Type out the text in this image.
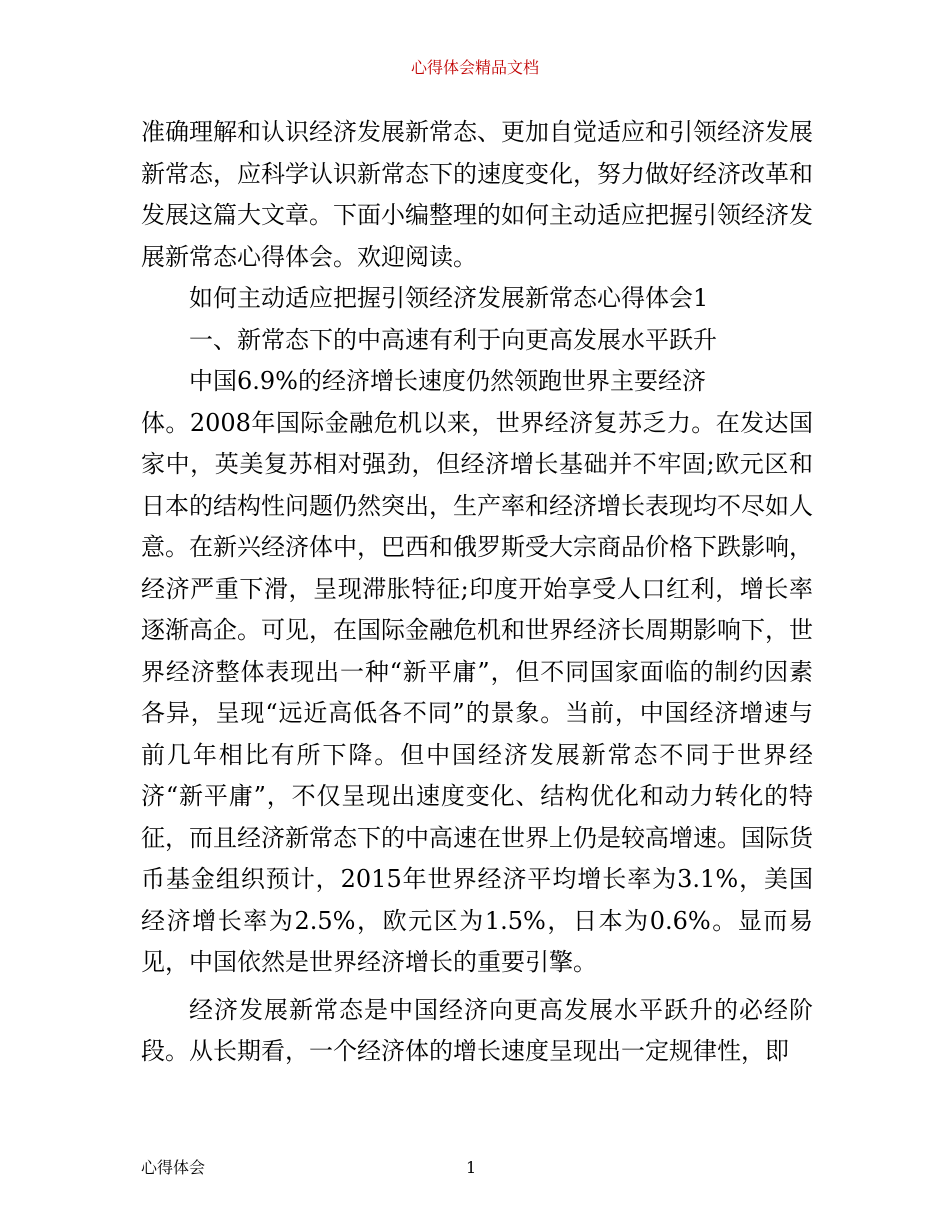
心得体会精品文档

准确理解和认识经济发展新常态、更加自觉适应和引领经济发展新常态，应科学认识新常态下的速度变化，努力做好经济改革和发展这篇大文章。下面小编整理的如何主动适应把握引领经济发展新常态心得体会。欢迎阅读。

如何主动适应把握引领经济发展新常态心得体会1

一、新常态下的中高速有利于向更高发展水平跃升

中国6.9%的经济增长速度仍然领跑世界主要经济

体。2008年国际金融危机以来，世界经济复苏乏力。在发达国家中，英美复苏相对强劲，但经济增长基础并不牢固;欧元区和日本的结构性问题仍然突出，生产率和经济增长表现均不尽如人意。在新兴经济体中，巴西和俄罗斯受大宗商品价格下跌影响，经济严重下滑，呈现滞胀特征;印度开始享受人口红利，增长率逐渐高企。可见，在国际金融危机和世界经济长周期影响下，世界经济整体表现出一种“新平庸”，但不同国家面临的制约因素各异，呈现“远近高低各不同”的景象。当前，中国经济增速与前几年相比有所下降。但中国经济发展新常态不同于世界经济“新平庸”，不仅呈现出速度变化、结构优化和动力转化的特征，而且经济新常态下的中高速在世界上仍是较高增速。国际货币基金组织预计，2015年世界经济平均增长率为3.1%，美国经济增长率为2.5%，欧元区为1.5%，日本为0.6%。显而易见，中国依然是世界经济增长的重要引擎。

经济发展新常态是中国经济向更高发展水平跃升的必经阶段。从长期看，一个经济体的增长速度呈现出一定规律性，即

心得体会	1
